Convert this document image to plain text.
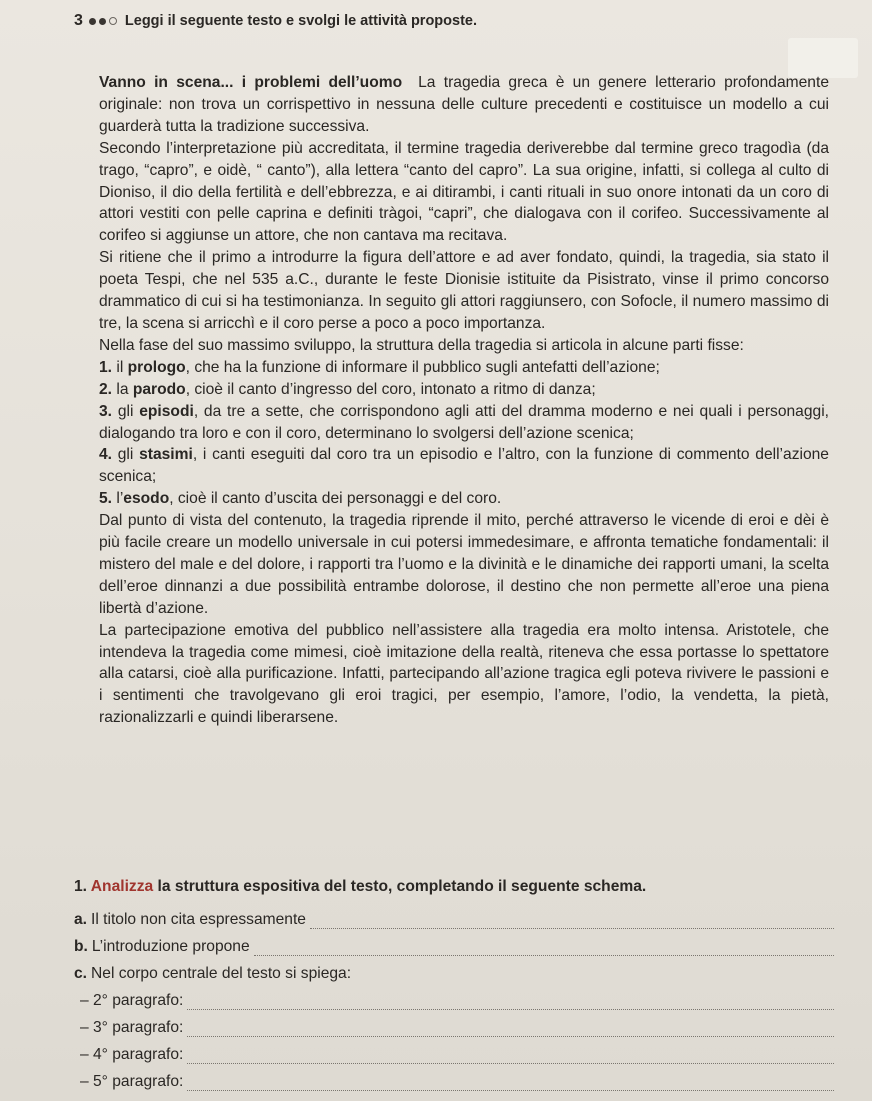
3	Leggi il seguente testo e svolgi le attività proposte.

Vanno in scena... i problemi dell’uomo La tragedia greca è un genere letterario profondamente originale: non trova un corrispettivo in nessuna delle culture precedenti e costituisce un modello a cui guarderà tutta la tradizione successiva.

Secondo l’interpretazione più accreditata, il termine tragedia deriverebbe dal termine greco tragodìa (da trago, “capro”, e oidè, “ canto”), alla lettera “canto del capro”. La sua origine, infatti, si collega al culto di Dioniso, il dio della fertilità e dell’ebbrezza, e ai ditirambi, i canti rituali in suo onore intonati da un coro di attori vestiti con pelle caprina e definiti tràgoi, “capri”, che dialogava con il corifeo. Successivamente al corifeo si aggiunse un attore, che non cantava ma recitava.

Si ritiene che il primo a introdurre la figura dell’attore e ad aver fondato, quindi, la tragedia, sia stato il poeta Tespi, che nel 535 a.C., durante le feste Dionisie istituite da Pisistrato, vinse il primo concorso drammatico di cui si ha testimonianza. In seguito gli attori raggiunsero, con Sofocle, il numero massimo di tre, la scena si arricchì e il coro perse a poco a poco importanza.

Nella fase del suo massimo sviluppo, la struttura della tragedia si articola in alcune parti fisse:

1. il prologo, che ha la funzione di informare il pubblico sugli antefatti dell’azione;

2. la parodo, cioè il canto d’ingresso del coro, intonato a ritmo di danza;

3. gli episodi, da tre a sette, che corrispondono agli atti del dramma moderno e nei quali i personaggi, dialogando tra loro e con il coro, determinano lo svolgersi dell’azione scenica;

4. gli stasimi, i canti eseguiti dal coro tra un episodio e l’altro, con la funzione di commento dell’azione scenica;

5. l’esodo, cioè il canto d’uscita dei personaggi e del coro.

Dal punto di vista del contenuto, la tragedia riprende il mito, perché attraverso le vicende di eroi e dèi è più facile creare un modello universale in cui potersi immedesimare, e affronta tematiche fondamentali: il mistero del male e del dolore, i rapporti tra l’uomo e la divinità e le dinamiche dei rapporti umani, la scelta dell’eroe dinnanzi a due possibilità entrambe dolorose, il destino che non permette all’eroe una piena libertà d’azione.

La partecipazione emotiva del pubblico nell’assistere alla tragedia era molto intensa. Aristotele, che intendeva la tragedia come mimesi, cioè imitazione della realtà, riteneva che essa portasse lo spettatore alla catarsi, cioè alla purificazione. Infatti, partecipando all’azione tragica egli poteva rivivere le passioni e i sentimenti che travolgevano gli eroi tragici, per esempio, l’amore, l’odio, la vendetta, la pietà, razionalizzarli e quindi liberarsene.

1. Analizza la struttura espositiva del testo, completando il seguente schema.

a. Il titolo non cita espressamente
b. L’introduzione propone
c. Nel corpo centrale del testo si spiega:
– 2° paragrafo:
– 3° paragrafo:
– 4° paragrafo:
– 5° paragrafo:
